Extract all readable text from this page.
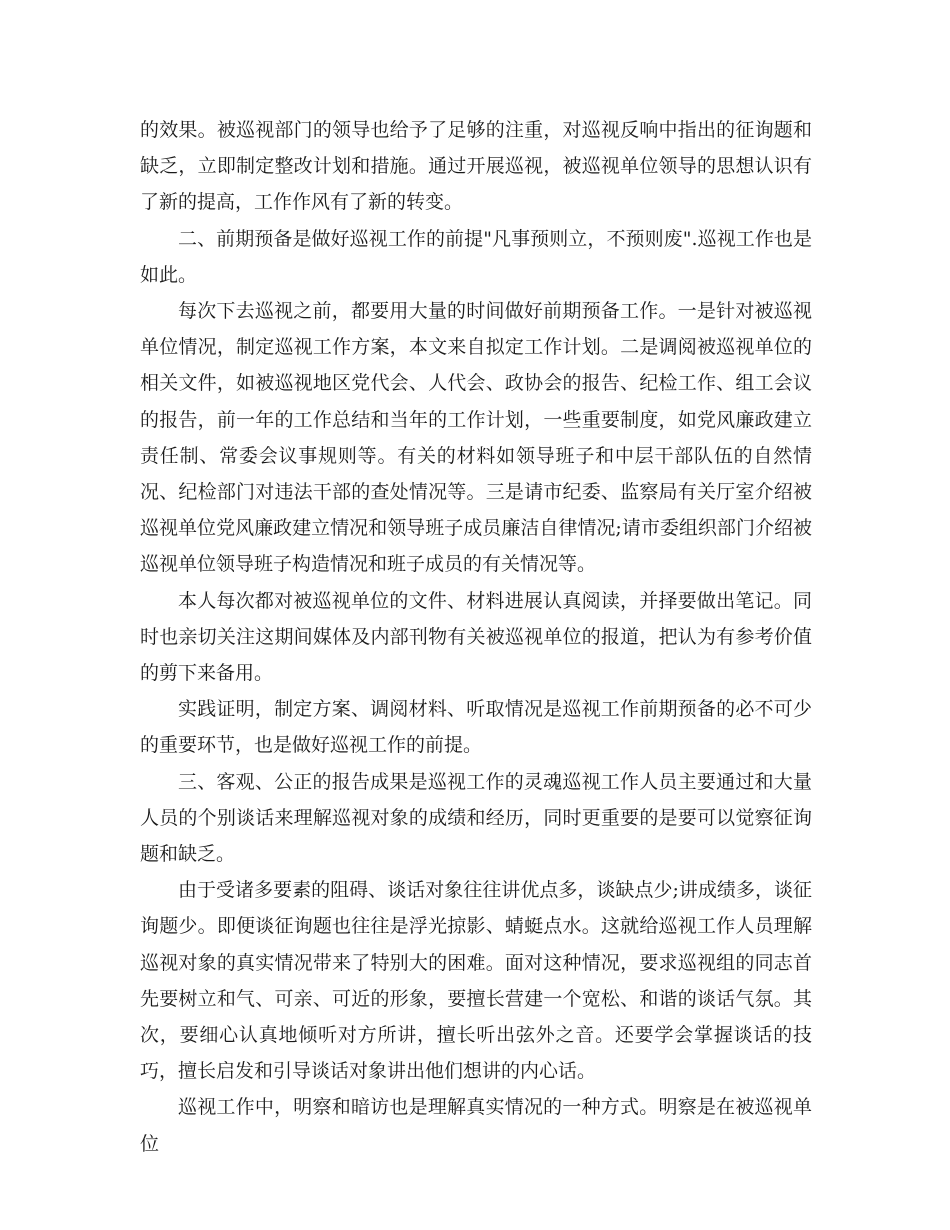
的效果。被巡视部门的领导也给予了足够的注重，对巡视反响中指出的征询题和缺乏，立即制定整改计划和措施。通过开展巡视，被巡视单位领导的思想认识有了新的提高，工作作风有了新的转变。

二、前期预备是做好巡视工作的前提"凡事预则立，不预则废".巡视工作也是如此。

每次下去巡视之前，都要用大量的时间做好前期预备工作。一是针对被巡视单位情况，制定巡视工作方案，本文来自拟定工作计划。二是调阅被巡视单位的相关文件，如被巡视地区党代会、人代会、政协会的报告、纪检工作、组工会议的报告，前一年的工作总结和当年的工作计划，一些重要制度，如党风廉政建立责任制、常委会议事规则等。有关的材料如领导班子和中层干部队伍的自然情况、纪检部门对违法干部的查处情况等。三是请市纪委、监察局有关厅室介绍被巡视单位党风廉政建立情况和领导班子成员廉洁自律情况;请市委组织部门介绍被巡视单位领导班子构造情况和班子成员的有关情况等。

本人每次都对被巡视单位的文件、材料进展认真阅读，并择要做出笔记。同时也亲切关注这期间媒体及内部刊物有关被巡视单位的报道，把认为有参考价值的剪下来备用。

实践证明，制定方案、调阅材料、听取情况是巡视工作前期预备的必不可少的重要环节，也是做好巡视工作的前提。

三、客观、公正的报告成果是巡视工作的灵魂巡视工作人员主要通过和大量人员的个别谈话来理解巡视对象的成绩和经历，同时更重要的是要可以觉察征询题和缺乏。

由于受诸多要素的阻碍、谈话对象往往讲优点多，谈缺点少;讲成绩多，谈征询题少。即便谈征询题也往往是浮光掠影、蜻蜓点水。这就给巡视工作人员理解巡视对象的真实情况带来了特别大的困难。面对这种情况，要求巡视组的同志首先要树立和气、可亲、可近的形象，要擅长营建一个宽松、和谐的谈话气氛。其次，要细心认真地倾听对方所讲，擅长听出弦外之音。还要学会掌握谈话的技巧，擅长启发和引导谈话对象讲出他们想讲的内心话。

巡视工作中，明察和暗访也是理解真实情况的一种方式。明察是在被巡视单位
